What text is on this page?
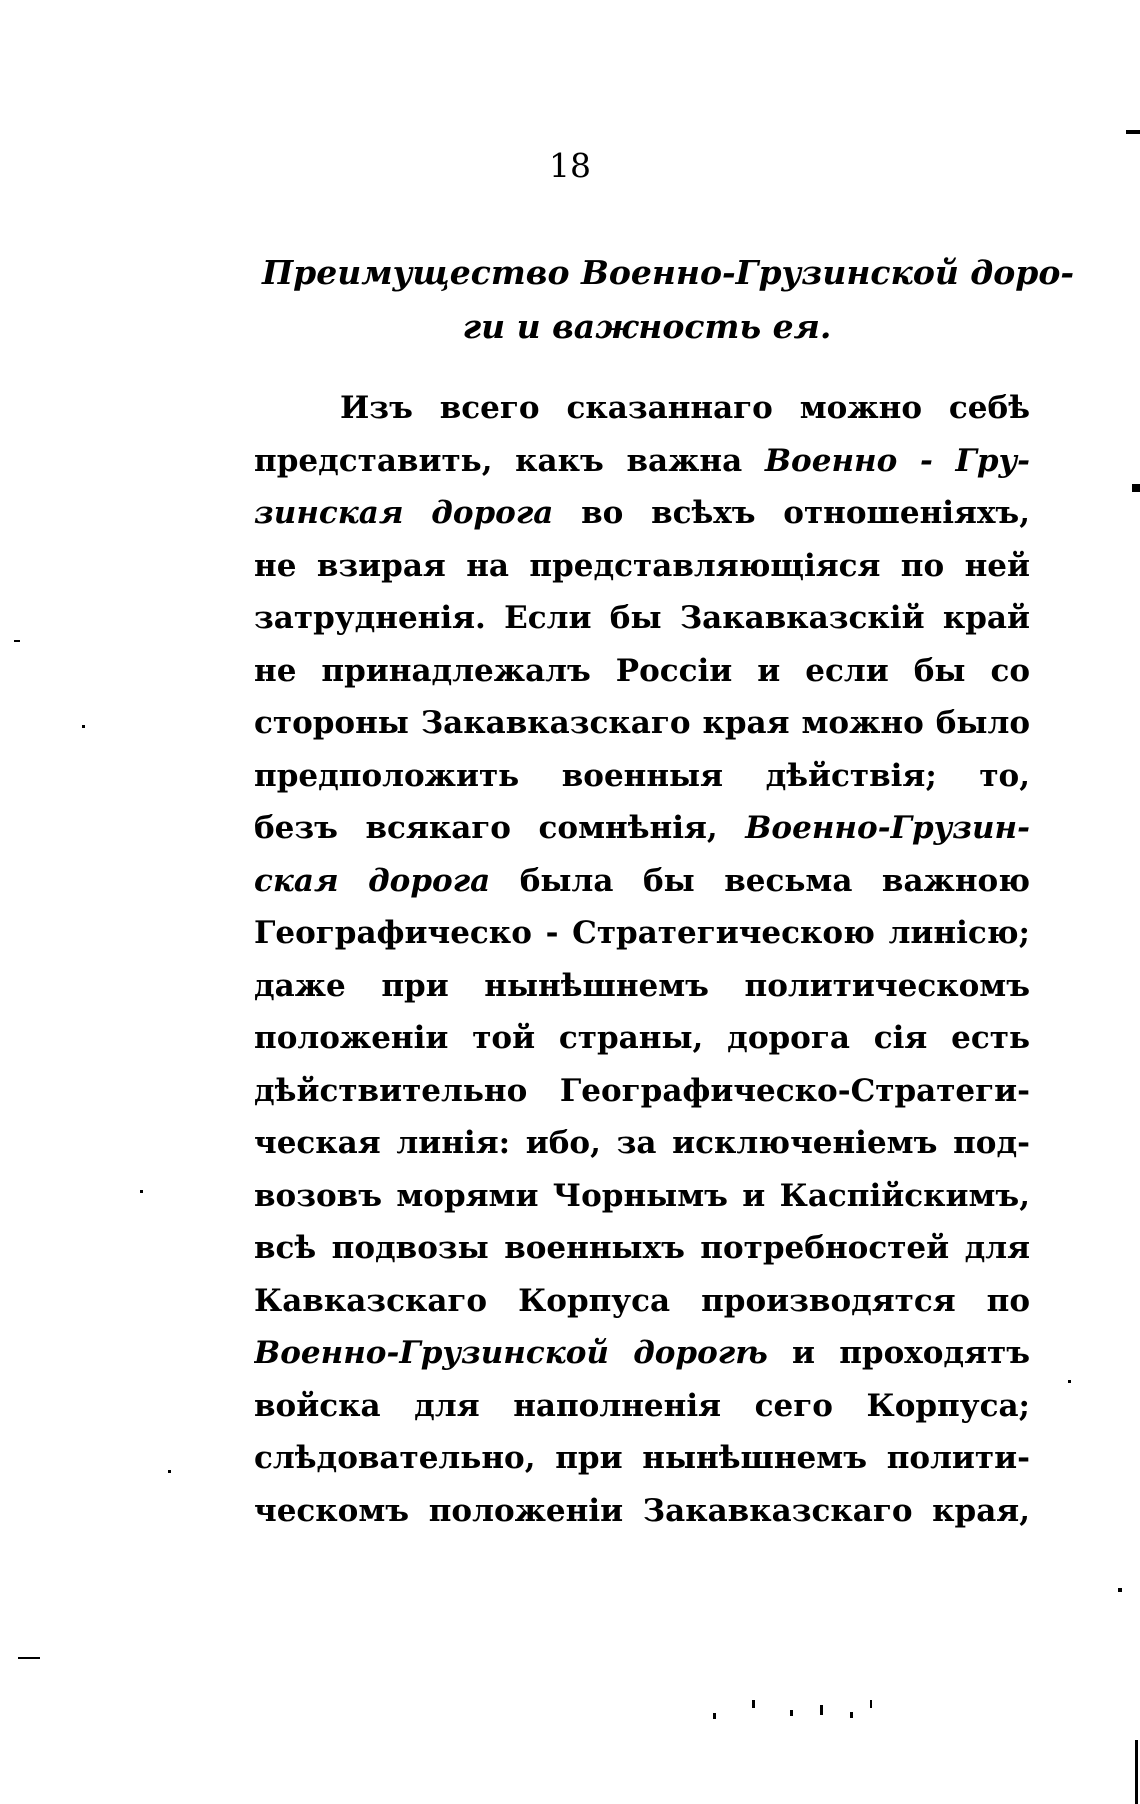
18
Преимущество Военно-Грузинской доро-
ги и важность ея.
Изъ всего сказаннаго можно себѣ
представить, какъ важна Военно - Гру-
зинская дорога во всѣхъ отношеніяхъ,
не взирая на представляющіяся по ней
затрудненія. Если бы Закавказскій край
не принадлежалъ Россіи и если бы со
стороны Закавказскаго края можно было
предположить военныя дѣйствія; то,
безъ всякаго сомнѣнія, Военно-Грузин-
ская дорога была бы весьма важною
Географическо - Стратегическою линісю;
даже при нынѣшнемъ политическомъ
положеніи той страны, дорога сія есть
дѣйствительно Географическо-Стратеги-
ческая линія: ибо, за исключеніемъ под-
возовъ морями Чорнымъ и Каспійскимъ,
всѣ подвозы военныхъ потребностей для
Кавказскаго Корпуса производятся по
Военно-Грузинской дорогѣ и проходятъ
войска для наполненія сего Корпуса;
слѣдовательно, при нынѣшнемъ полити-
ческомъ положеніи Закавказскаго края,
